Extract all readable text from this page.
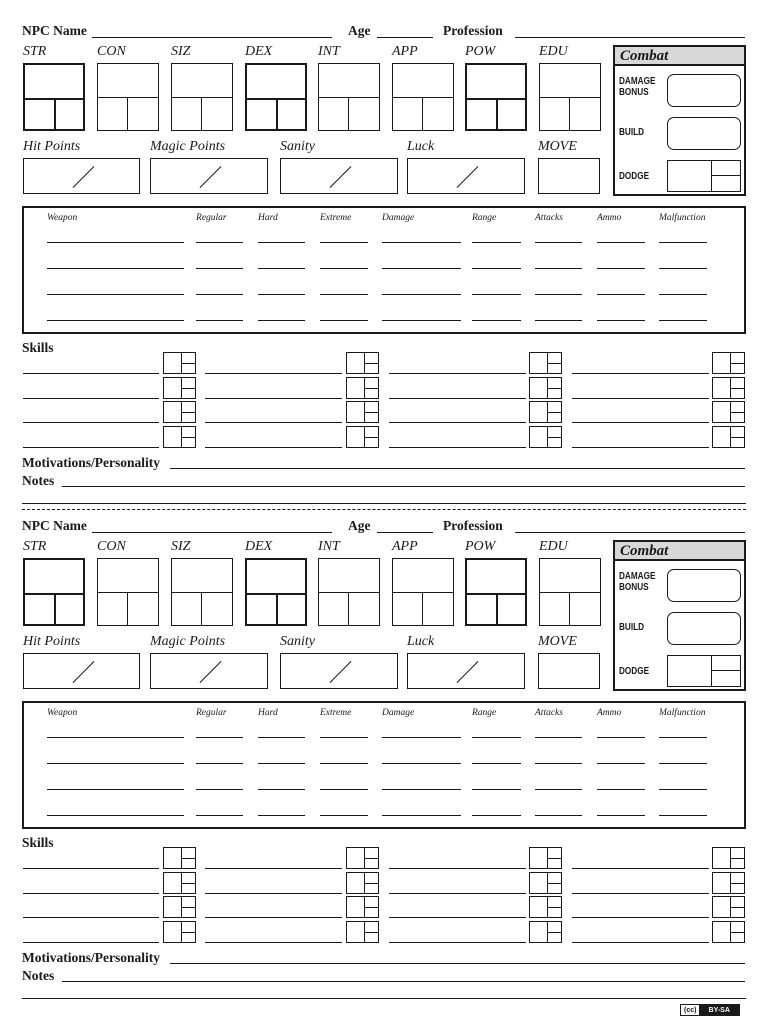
NPC Name	Age	Profession
STR	CON	SIZ	DEX	INT	APP	POW	EDU
Hit Points	Magic Points	Sanity	Luck	MOVE
Combat
DAMAGE
BONUS
BUILD
DODGE
Weapon	Regular	Hard	Extreme	Damage	Range	Attacks	Ammo	Malfunction
Skills
Motivations/Personality
Notes
NPC Name	Age	Profession
STR	CON	SIZ	DEX	INT	APP	POW	EDU
Hit Points	Magic Points	Sanity	Luck	MOVE
Combat
DAMAGE
BONUS
BUILD
DODGE
Weapon	Regular	Hard	Extreme	Damage	Range	Attacks	Ammo	Malfunction
Skills
Motivations/Personality
Notes
(cc)	BY-SA
